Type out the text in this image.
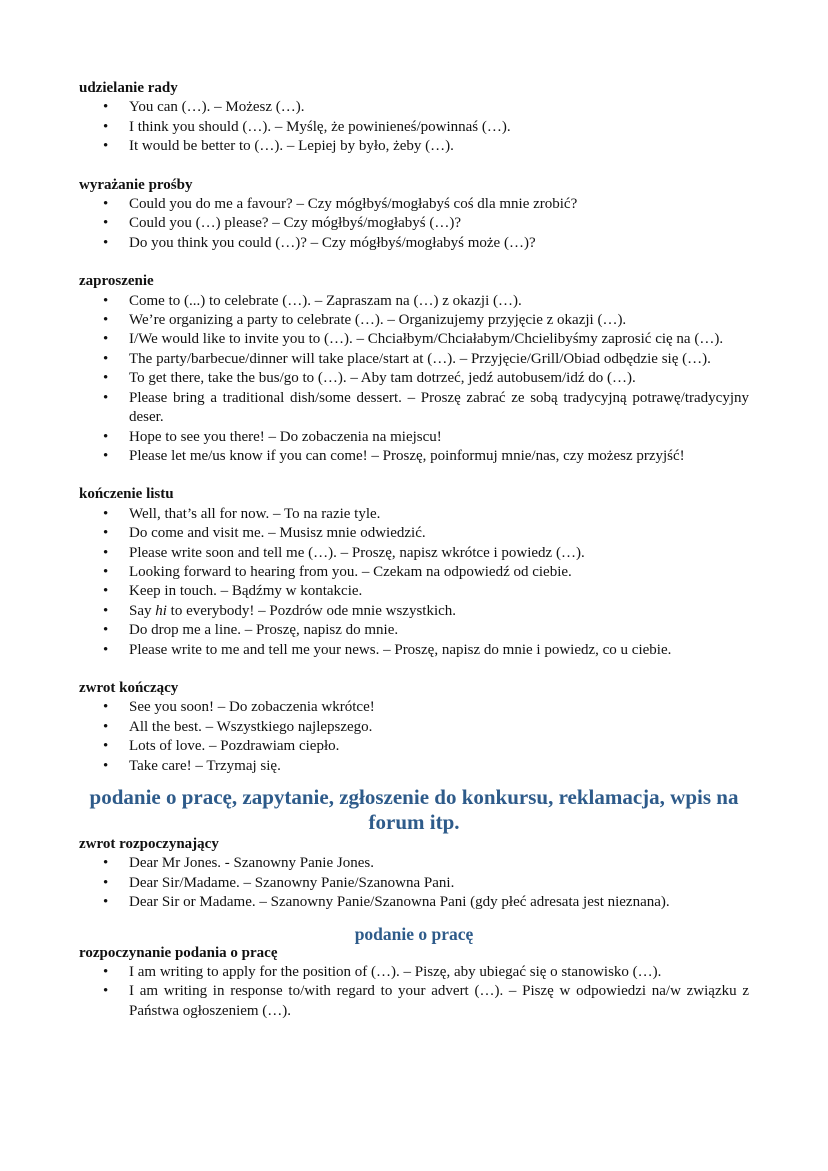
udzielanie rady

• You can (…). – Możesz (…).
• I think you should (…). – Myślę, że powinieneś/powinnaś (…).
• It would be better to (…). – Lepiej by było, żeby (…).

wyrażanie prośby

• Could you do me a favour? – Czy mógłbyś/mogłabyś coś dla mnie zrobić?
• Could you (…) please? – Czy mógłbyś/mogłabyś (…)?
• Do you think you could (…)? – Czy mógłbyś/mogłabyś może (…)?

zaproszenie

• Come to (...) to celebrate (…). – Zapraszam na (…) z okazji (…).
• We’re organizing a party to celebrate (…). – Organizujemy przyjęcie z okazji (…).
• I/We would like to invite you to (…). – Chciałbym/Chciałabym/Chcielibyśmy zaprosić cię na (…).
• The party/barbecue/dinner will take place/start at (…). – Przyjęcie/Grill/Obiad odbędzie się (…).
• To get there, take the bus/go to (…). – Aby tam dotrzeć, jedź autobusem/idź do (…).
• Please bring a traditional dish/some dessert. – Proszę zabrać ze sobą tradycyjną potrawę/tradycyjny deser.
• Hope to see you there! – Do zobaczenia na miejscu!
• Please let me/us know if you can come! – Proszę, poinformuj mnie/nas, czy możesz przyjść!

kończenie listu

• Well, that’s all for now. – To na razie tyle.
• Do come and visit me. – Musisz mnie odwiedzić.
• Please write soon and tell me (…). – Proszę, napisz wkrótce i powiedz (…).
• Looking forward to hearing from you. – Czekam na odpowiedź od ciebie.
• Keep in touch. – Bądźmy w kontakcie.
• Say hi to everybody! – Pozdrów ode mnie wszystkich.
• Do drop me a line. – Proszę, napisz do mnie.
• Please write to me and tell me your news. – Proszę, napisz do mnie i powiedz, co u ciebie.

zwrot kończący

• See you soon! – Do zobaczenia wkrótce!
• All the best. – Wszystkiego najlepszego.
• Lots of love. – Pozdrawiam ciepło.
• Take care! – Trzymaj się.
podanie o pracę, zapytanie, zgłoszenie do konkursu, reklamacja, wpis na forum itp.

zwrot rozpoczynający

• Dear Mr Jones. - Szanowny Panie Jones.
• Dear Sir/Madame. – Szanowny Panie/Szanowna Pani.
• Dear Sir or Madame. – Szanowny Panie/Szanowna Pani (gdy płeć adresata jest nieznana).
podanie o pracę

rozpoczynanie podania o pracę

• I am writing to apply for the position of (…). – Piszę, aby ubiegać się o stanowisko (…).
• I am writing in response to/with regard to your advert (…). – Piszę w odpowiedzi na/w związku z Państwa ogłoszeniem (…).
